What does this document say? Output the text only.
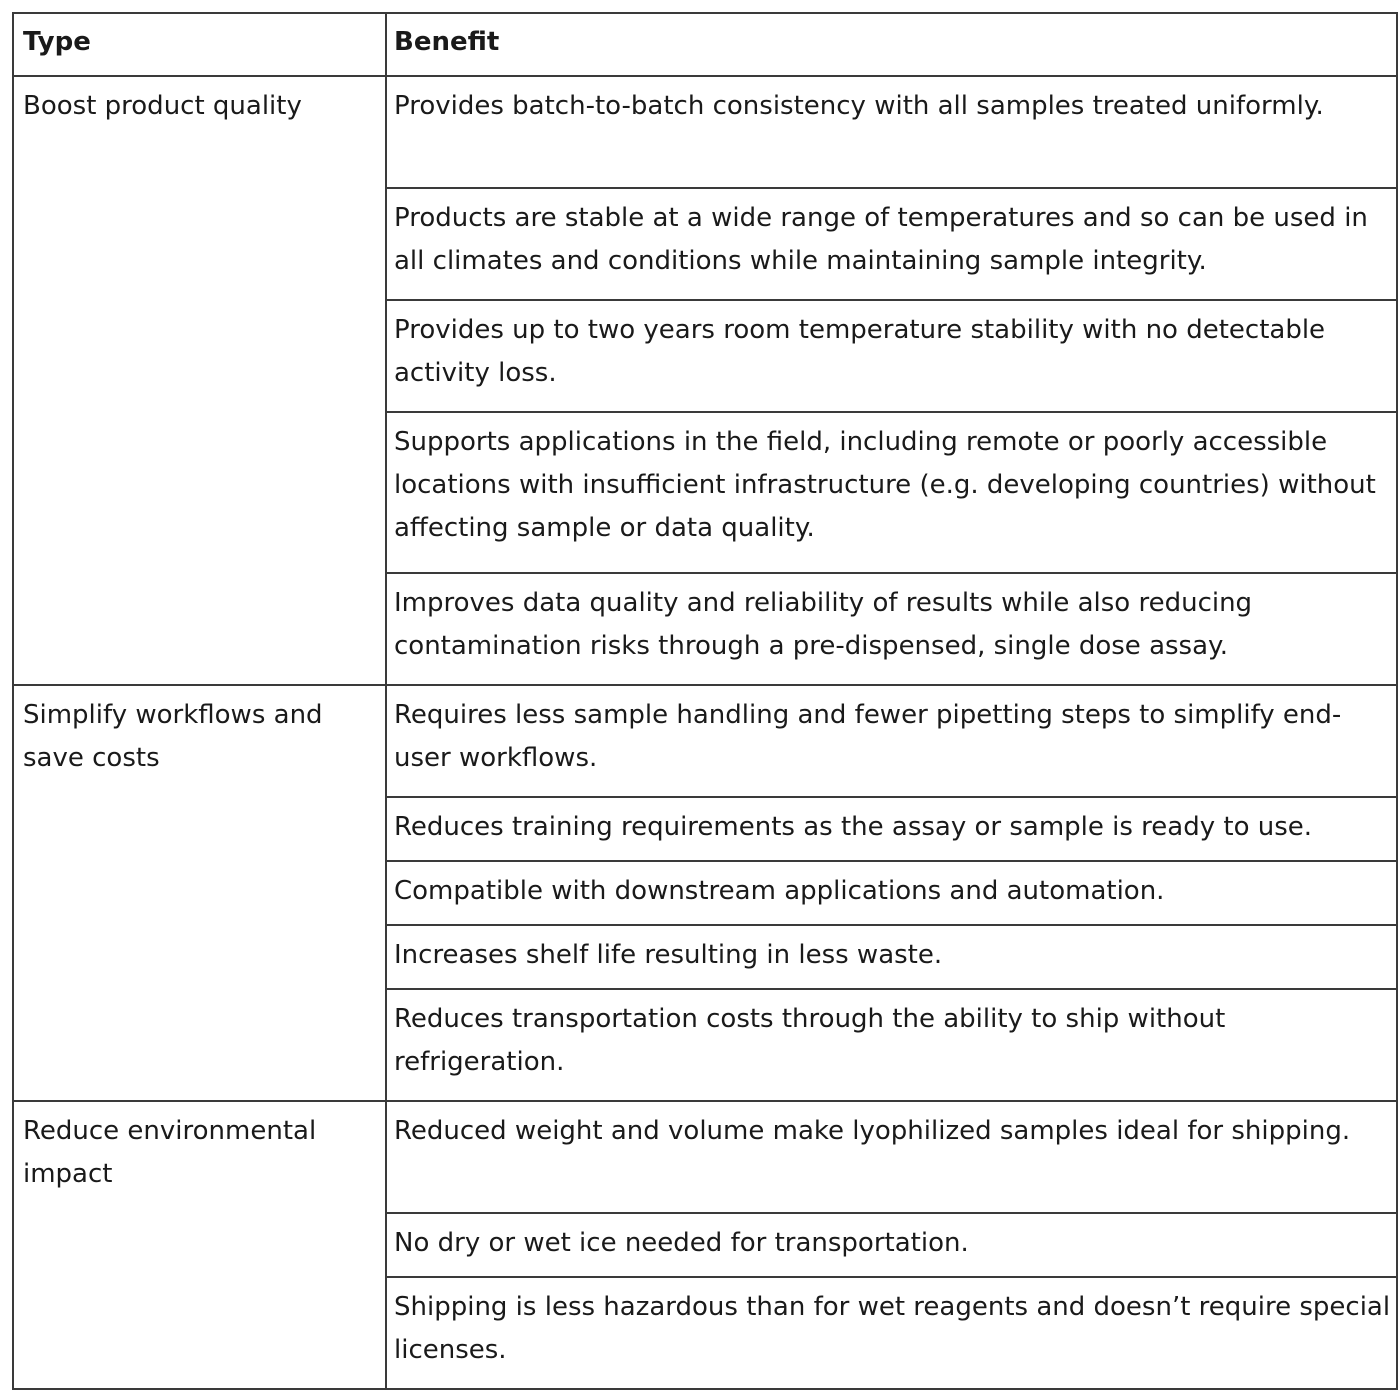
Type	Benefit
Boost product quality	Provides batch-to-batch consistency with all samples treated uniformly.
	Products are stable at a wide range of temperatures and so can be used in all climates and conditions while maintaining sample integrity.
	Provides up to two years room temperature stability with no detectable activity loss.
	Supports applications in the field, including remote or poorly accessible locations with insufficient infrastructure (e.g. developing countries) without affecting sample or data quality.
	Improves data quality and reliability of results while also reducing contamination risks through a pre-dispensed, single dose assay.
Simplify workflows and save costs	Requires less sample handling and fewer pipetting steps to simplify end-user workflows.
	Reduces training requirements as the assay or sample is ready to use.
	Compatible with downstream applications and automation.
	Increases shelf life resulting in less waste.
	Reduces transportation costs through the ability to ship without refrigeration.
Reduce environmental impact	Reduced weight and volume make lyophilized samples ideal for shipping.
	No dry or wet ice needed for transportation.
	Shipping is less hazardous than for wet reagents and doesn’t require special licenses.
